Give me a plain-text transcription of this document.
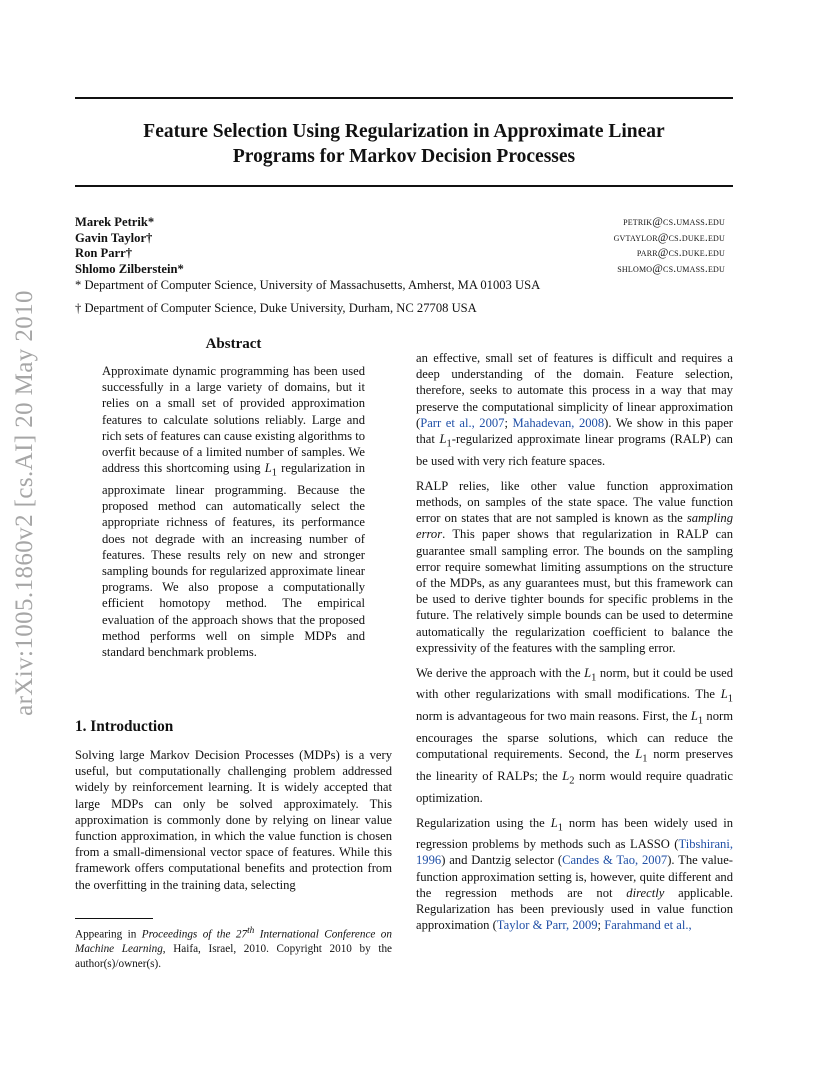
arXiv:1005.1860v2 [cs.AI] 20 May 2010
Feature Selection Using Regularization in Approximate Linear
Programs for Markov Decision Processes
Marek Petrik*	petrik@cs.umass.edu
Gavin Taylor†	gvtaylor@cs.duke.edu
Ron Parr†	parr@cs.duke.edu
Shlomo Zilberstein*	shlomo@cs.umass.edu
* Department of Computer Science, University of Massachusetts, Amherst, MA 01003 USA
† Department of Computer Science, Duke University, Durham, NC 27708 USA

Abstract

Approximate dynamic programming has been used successfully in a large variety of domains, but it relies on a small set of provided approximation features to calculate solutions reliably. Large and rich sets of features can cause existing algorithms to overfit because of a limited number of samples. We address this shortcoming using $L_1$ regularization in approximate linear programming. Because the proposed method can automatically select the appropriate richness of features, its performance does not degrade with an increasing number of features. These results rely on new and stronger sampling bounds for regularized approximate linear programs. We also propose a computationally efficient homotopy method. The empirical evaluation of the approach shows that the proposed method performs well on simple MDPs and standard benchmark problems.

1. Introduction

Solving large Markov Decision Processes (MDPs) is a very useful, but computationally challenging problem addressed widely by reinforcement learning. It is widely accepted that large MDPs can only be solved approximately. This approximation is commonly done by relying on linear value function approximation, in which the value function is chosen from a small-dimensional vector space of features. While this framework offers computational benefits and protection from the overfitting in the training data, selecting

Appearing in Proceedings of the 27th International Conference on Machine Learning, Haifa, Israel, 2010. Copyright 2010 by the author(s)/owner(s).

an effective, small set of features is difficult and requires a deep understanding of the domain. Feature selection, therefore, seeks to automate this process in a way that may preserve the computational simplicity of linear approximation (Parr et al., 2007; Mahadevan, 2008). We show in this paper that $L_1$-regularized approximate linear programs (RALP) can be used with very rich feature spaces.

RALP relies, like other value function approximation methods, on samples of the state space. The value function error on states that are not sampled is known as the sampling error. This paper shows that regularization in RALP can guarantee small sampling error. The bounds on the sampling error require somewhat limiting assumptions on the structure of the MDPs, as any guarantees must, but this framework can be used to derive tighter bounds for specific problems in the future. The relatively simple bounds can be used to determine automatically the regularization coefficient to balance the expressivity of the features with the sampling error.

We derive the approach with the $L_1$ norm, but it could be used with other regularizations with small modifications. The $L_1$ norm is advantageous for two main reasons. First, the $L_1$ norm encourages the sparse solutions, which can reduce the computational requirements. Second, the $L_1$ norm preserves the linearity of RALPs; the $L_2$ norm would require quadratic optimization.

Regularization using the $L_1$ norm has been widely used in regression problems by methods such as LASSO (Tibshirani, 1996) and Dantzig selector (Candes & Tao, 2007). The value-function approximation setting is, however, quite different and the regression methods are not directly applicable. Regularization has been previously used in value function approximation (Taylor & Parr, 2009; Farahmand et al.,
